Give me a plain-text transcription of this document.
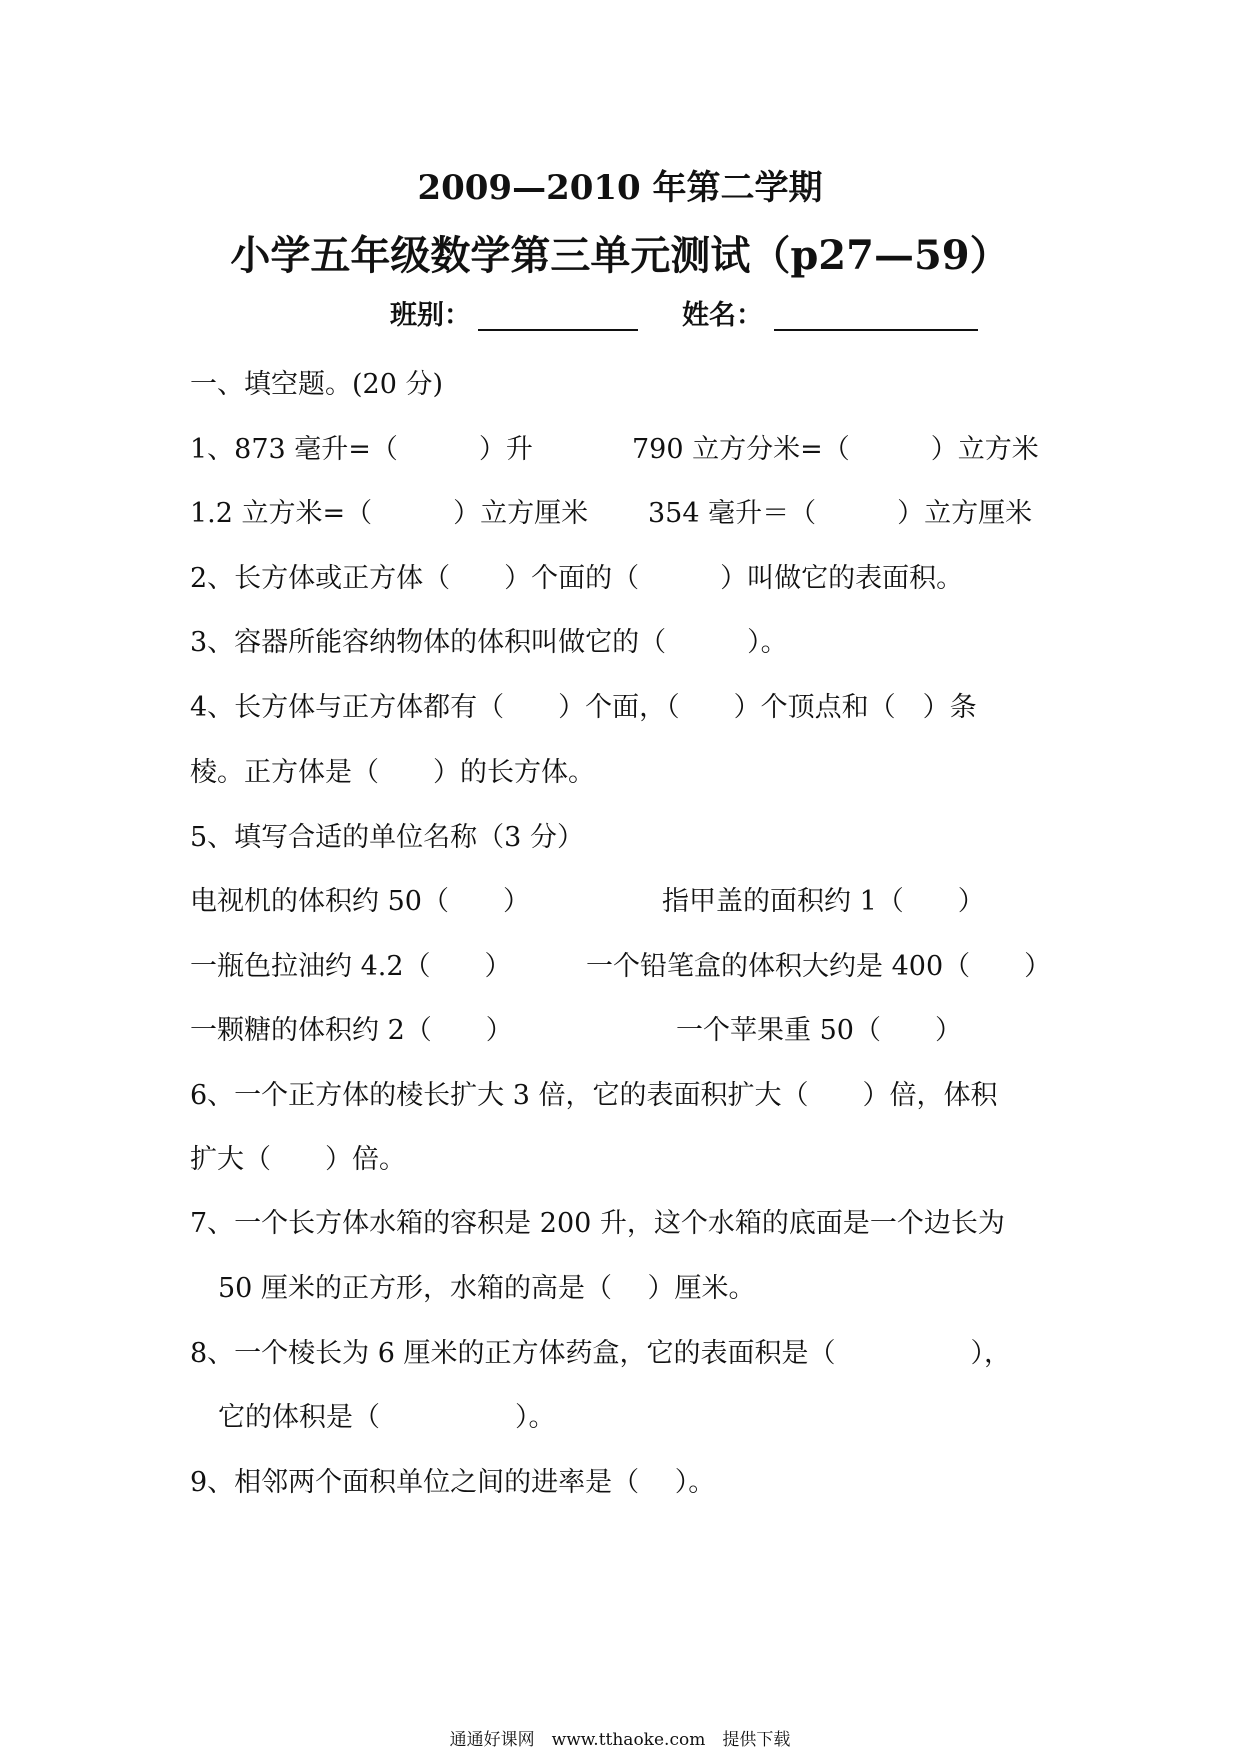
2009—2010 年第二学期
小学五年级数学第三单元测试（p27—59）
班别：	姓名：
一、填空题。(20 分)
1、873 毫升=（　　　）升	790 立方分米=（　　　）立方米
1.2 立方米=（　　　）立方厘米 354 毫升＝（　　　）立方厘米
2、长方体或正方体（　　）个面的（　　　）叫做它的表面积。
3、容器所能容纳物体的体积叫做它的（　　　）。
4、长方体与正方体都有（　　）个面，（　　）个顶点和（　）条
棱。正方体是（　　）的长方体。
5、填写合适的单位名称（3 分）
电视机的体积约 50（　　）	指甲盖的面积约 1（　　）
一瓶色拉油约 4.2（　　）	一个铅笔盒的体积大约是 400（　　）
一颗糖的体积约 2（　　）	一个苹果重 50（　　）
6、一个正方体的棱长扩大 3 倍，它的表面积扩大（　　）倍，体积
扩大（　　）倍。
7、一个长方体水箱的容积是 200 升，这个水箱的底面是一个边长为
50 厘米的正方形，水箱的高是（　 ）厘米。
8、一个棱长为 6 厘米的正方体药盒，它的表面积是（　　　　　），
它的体积是（　　　　　）。
9、相邻两个面积单位之间的进率是（　 ）。
通通好课网　www.tthaoke.com　提供下载
